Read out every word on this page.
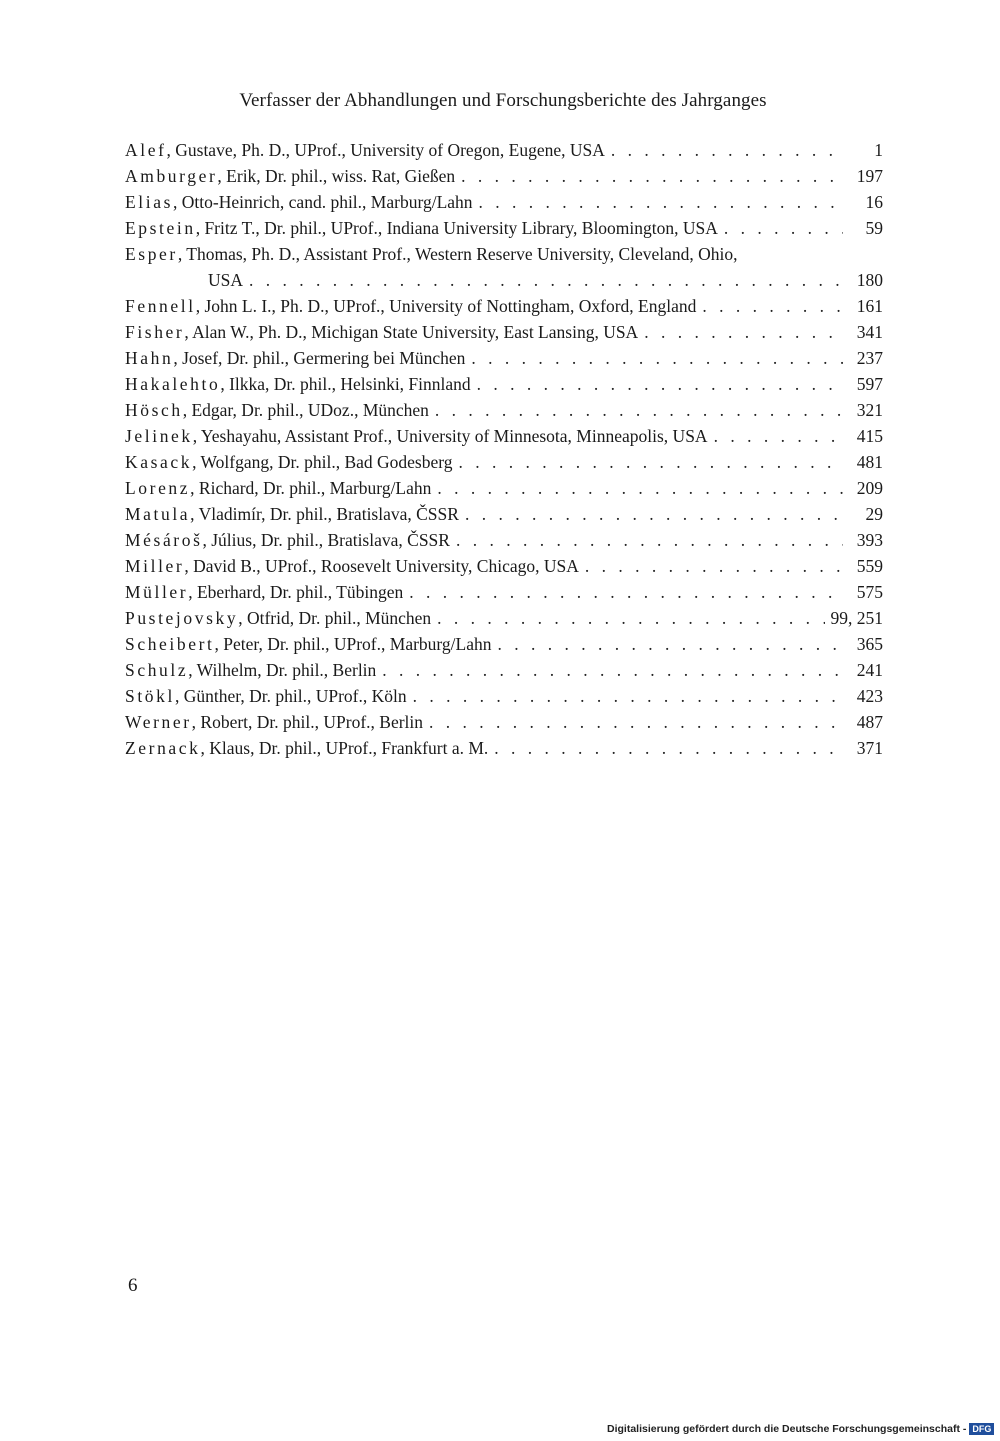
Verfasser der Abhandlungen und Forschungsberichte des Jahrganges
Alef, Gustave, Ph. D., UProf., University of Oregon, Eugene, USA . . .	1
Amburger, Erik, Dr. phil., wiss. Rat, Gießen . . .	197
Elias, Otto-Heinrich, cand. phil., Marburg/Lahn . . .	16
Epstein, Fritz T., Dr. phil., UProf., Indiana University Library, Bloomington, USA . . .	59
Esper, Thomas, Ph. D., Assistant Prof., Western Reserve University, Cleveland, Ohio,
USA . . .	180
Fennell, John L. I., Ph. D., UProf., University of Nottingham, Oxford, England . . .	161
Fisher, Alan W., Ph. D., Michigan State University, East Lansing, USA . . .	341
Hahn, Josef, Dr. phil., Germering bei München . . .	237
Hakalehto, Ilkka, Dr. phil., Helsinki, Finnland . . .	597
Hösch, Edgar, Dr. phil., UDoz., München . . .	321
Jelinek, Yeshayahu, Assistant Prof., University of Minnesota, Minneapolis, USA . . .	415
Kasack, Wolfgang, Dr. phil., Bad Godesberg . . .	481
Lorenz, Richard, Dr. phil., Marburg/Lahn . . .	209
Matula, Vladimír, Dr. phil., Bratislava, ČSSR . . .	29
Mésároš, Július, Dr. phil., Bratislava, ČSSR . . .	393
Miller, David B., UProf., Roosevelt University, Chicago, USA . . .	559
Müller, Eberhard, Dr. phil., Tübingen . . .	575
Pustejovsky, Otfrid, Dr. phil., München . . .	99, 251
Scheibert, Peter, Dr. phil., UProf., Marburg/Lahn . . .	365
Schulz, Wilhelm, Dr. phil., Berlin . . .	241
Stökl, Günther, Dr. phil., UProf., Köln . . .	423
Werner, Robert, Dr. phil., UProf., Berlin . . .	487
Zernack, Klaus, Dr. phil., UProf., Frankfurt a. M. . . .	371
6
Digitalisierung gefördert durch die Deutsche Forschungsgemeinschaft - DFG
